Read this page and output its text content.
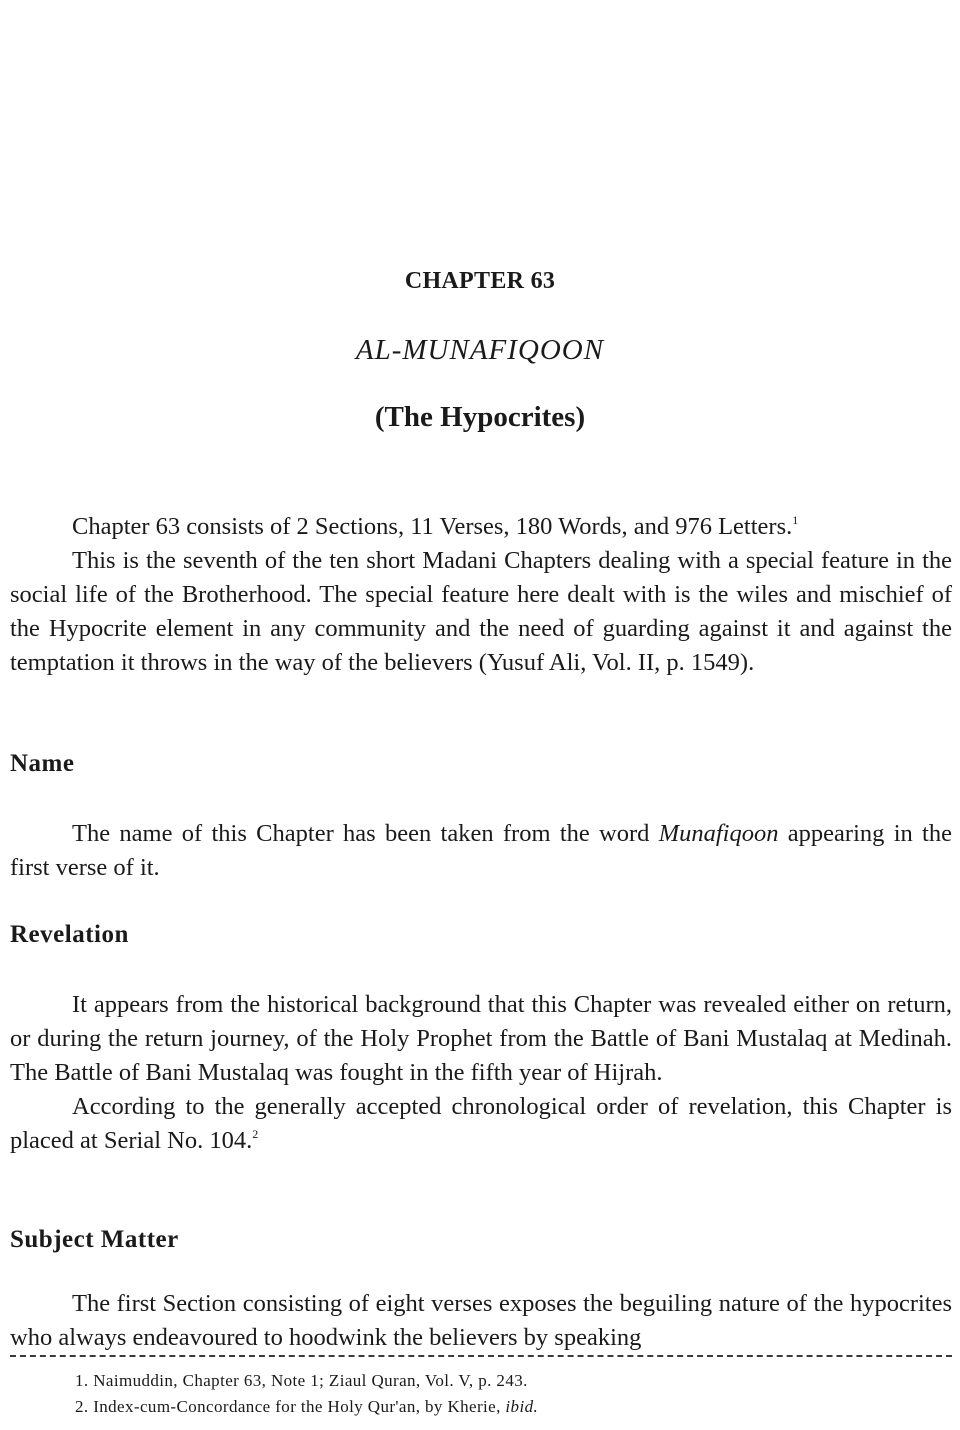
CHAPTER 63
AL-MUNAFIQOON
(The Hypocrites)

Chapter 63 consists of 2 Sections, 11 Verses, 180 Words, and 976 Letters.$^1$

This is the seventh of the ten short Madani Chapters dealing with a special feature in the social life of the Brotherhood. The special feature here dealt with is the wiles and mischief of the Hypocrite element in any community and the need of guarding against it and against the temptation it throws in the way of the believers (Yusuf Ali, Vol. II, p. 1549).

Name

The name of this Chapter has been taken from the word Munafiqoon appearing in the first verse of it.

Revelation

It appears from the historical background that this Chapter was revealed either on return, or during the return journey, of the Holy Prophet from the Battle of Bani Mustalaq at Medinah. The Battle of Bani Mustalaq was fought in the fifth year of Hijrah.

According to the generally accepted chronological order of revelation, this Chapter is placed at Serial No. 104.$^2$

Subject Matter

The first Section consisting of eight verses exposes the beguiling nature of the hypocrites who always endeavoured to hoodwink the believers by speaking

1. Naimuddin, Chapter 63, Note 1; Ziaul Quran, Vol. V, p. 243.
2. Index-cum-Concordance for the Holy Qur'an, by Kherie, ibid.
